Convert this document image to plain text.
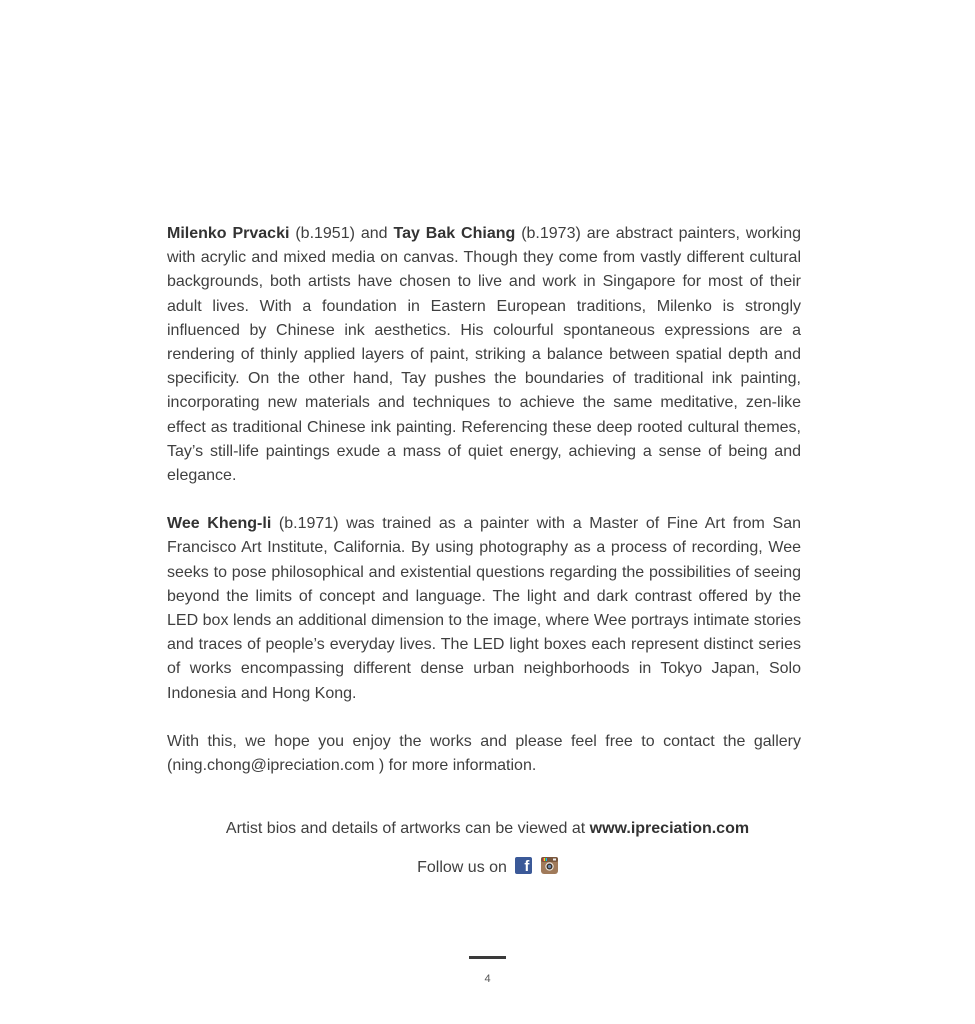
Milenko Prvacki (b.1951) and Tay Bak Chiang (b.1973) are abstract painters, working with acrylic and mixed media on canvas. Though they come from vastly different cultural backgrounds, both artists have chosen to live and work in Singapore for most of their adult lives. With a foundation in Eastern European traditions, Milenko is strongly influenced by Chinese ink aesthetics. His colourful spontaneous expressions are a rendering of thinly applied layers of paint, striking a balance between spatial depth and specificity. On the other hand, Tay pushes the boundaries of traditional ink painting, incorporating new materials and techniques to achieve the same meditative, zen-like effect as traditional Chinese ink painting. Referencing these deep rooted cultural themes, Tay’s still-life paintings exude a mass of quiet energy, achieving a sense of being and elegance.

Wee Kheng-li (b.1971) was trained as a painter with a Master of Fine Art from San Francisco Art Institute, California. By using photography as a process of recording, Wee seeks to pose philosophical and existential questions regarding the possibilities of seeing beyond the limits of concept and language. The light and dark contrast offered by the LED box lends an additional dimension to the image, where Wee portrays intimate stories and traces of people’s everyday lives. The LED light boxes each represent distinct series of works encompassing different dense urban neighborhoods in Tokyo Japan, Solo Indonesia and Hong Kong.

With this, we hope you enjoy the works and please feel free to contact the gallery (ning.chong@ipreciation.com ) for more information.

Artist bios and details of artworks can be viewed at www.ipreciation.com
Follow us on f

4
